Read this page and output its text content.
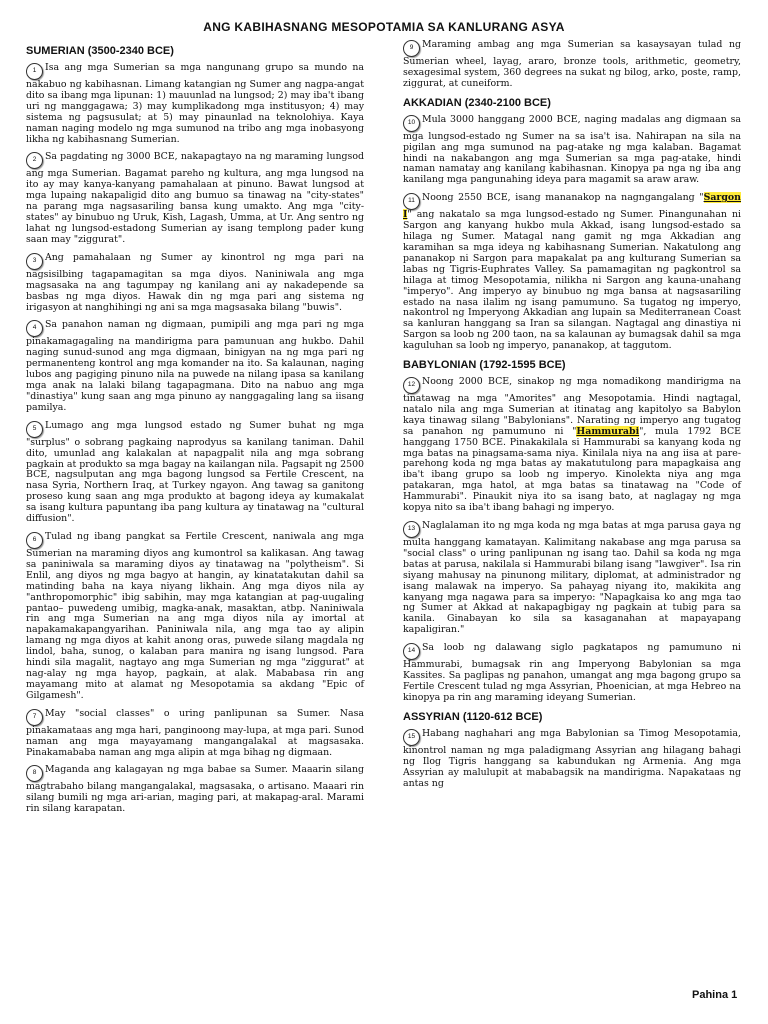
ANG KABIHASNANG MESOPOTAMIA SA KANLURANG ASYA
SUMERIAN (3500-2340 BCE)

1 Isa ang mga Sumerian sa mga nangunang grupo sa mundo na nakabuo ng kabihasnan. Limang katangian ng Sumer ang nagpa-angat dito sa ibang mga lipunan: 1) mauunlad na lungsod; 2) may iba't ibang uri ng manggagawa; 3) may kumplikadong mga institusyon; 4) may sistema ng pagsusulat; at 5) may pinaunlad na teknolohiya. Kaya naman naging modelo ng mga sumunod na tribo ang mga inobasyong likha ng kabihasnang Sumerian.

2 Sa pagdating ng 3000 BCE, nakapagtayo na ng maraming lungsod ang mga Sumerian. Bagamat pareho ng kultura, ang mga lungsod na ito ay may kanya-kanyang pamahalaan at pinuno. Bawat lungsod at mga lupaing nakapaligid dito ang bumuo sa tinawag na "city-states" na parang mga nagsasariling bansa kung umakto. Ang mga "city-states" ay binubuo ng Uruk, Kish, Lagash, Umma, at Ur. Ang sentro ng lahat ng lungsod-estadong Sumerian ay isang templong pader kung saan may "ziggurat".

3 Ang pamahalaan ng Sumer ay kinontrol ng mga pari na nagsisilbing tagapamagitan sa mga diyos. Naniniwala ang mga magsasaka na ang tagumpay ng kanilang ani ay nakadepende sa basbas ng mga diyos. Hawak din ng mga pari ang sistema ng irigasyon at nanghihingi ng ani sa mga magsasaka bilang "buwis".

4 Sa panahon naman ng digmaan, pumipili ang mga pari ng mga pinakamagagaling na mandirigma para pamunuan ang hukbo. Dahil naging sunud-sunod ang mga digmaan, binigyan na ng mga pari ng permanenteng kontrol ang mga komander na ito. Sa kalaunan, naging lubos ang pagiging pinuno nila na puwede na nilang ipasa sa kanilang mga anak na lalaki bilang tagapagmana. Dito na nabuo ang mga "dinastiya" kung saan ang mga pinuno ay nanggagaling lang sa iisang pamilya.

5 Lumago ang mga lungsod estado ng Sumer buhat ng mga "surplus" o sobrang pagkaing naprodyus sa kanilang taniman. Dahil dito, umunlad ang kalakalan at napagpalit nila ang mga sobrang pagkain at produkto sa mga bagay na kailangan nila. Pagsapit ng 2500 BCE, nagsulputan ang mga bagong lungsod sa Fertile Crescent, na nasa Syria, Northern Iraq, at Turkey ngayon. Ang tawag sa ganitong proseso kung saan ang mga produkto at bagong ideya ay kumakalat sa isang kultura papuntang iba pang kultura ay tinatawag na "cultural diffusion".

6 Tulad ng ibang pangkat sa Fertile Crescent, naniwala ang mga Sumerian na maraming diyos ang kumontrol sa kalikasan. Ang tawag sa paniniwala sa maraming diyos ay tinatawag na "polytheism". Si Enlil, ang diyos ng mga bagyo at hangin, ay kinatatakutan dahil sa matinding baha na kaya niyang likhain. Ang mga diyos nila ay "anthropomorphic" ibig sabihin, may mga katangian at pag-uugaling pantao– puwedeng umibig, magka-anak, masaktan, atbp. Naniniwala rin ang mga Sumerian na ang mga diyos nila ay imortal at napakamakapangyarihan. Paniniwala nila, ang mga tao ay alipin lamang ng mga diyos at kahit anong oras, puwede silang magdala ng lindol, baha, sunog, o kalaban para manira ng isang lungsod. Para hindi sila magalit, nagtayo ang mga Sumerian ng mga "ziggurat" at nag-alay ng mga hayop, pagkain, at alak. Mababasa rin ang mayamang mito at alamat ng Mesopotamia sa akdang "Epic of Gilgamesh".

7 May "social classes" o uring panlipunan sa Sumer. Nasa pinakamataas ang mga hari, panginoong may-lupa, at mga pari. Sunod naman ang mga mayayamang mangangalakal at magsasaka. Pinakamababa naman ang mga alipin at mga bihag ng digmaan.

8 Maganda ang kalagayan ng mga babae sa Sumer. Maaarin silang magtrabaho bilang mangangalakal, magsasaka, o artisano. Maaari rin silang bumili ng mga ari-arian, maging pari, at makapag-aral. Marami rin silang karapatan.

9 Maraming ambag ang mga Sumerian sa kasaysayan tulad ng Sumerian wheel, layag, araro, bronze tools, arithmetic, geometry, sexagesimal system, 360 degrees na sukat ng bilog, arko, poste, ramp, ziggurat, at cuneiform.

AKKADIAN (2340-2100 BCE)

10 Mula 3000 hanggang 2000 BCE, naging madalas ang digmaan sa mga lungsod-estado ng Sumer na sa isa't isa. Nahirapan na sila na pigilan ang mga sumunod na pag-atake ng mga kalaban. Bagamat hindi na nakabangon ang mga Sumerian sa mga pag-atake, hindi naman namatay ang kanilang kabihasnan. Kinopya pa nga ng iba ang kanilang mga pangunahing ideya para magamit sa araw araw.

11 Noong 2550 BCE, isang mananakop na nagngangalang "Sargon I" ang nakatalo sa mga lungsod-estado ng Sumer. Pinangunahan ni Sargon ang kanyang hukbo mula Akkad, isang lungsod-estado sa hilaga ng Sumer. Matagal nang gamit ng mga Akkadian ang karamihan sa mga ideya ng kabihasnang Sumerian. Nakatulong ang pananakop ni Sargon para mapakalat pa ang kulturang Sumerian sa labas ng Tigris-Euphrates Valley. Sa pamamagitan ng pagkontrol sa hilaga at timog Mesopotamia, nilikha ni Sargon ang kauna-unahang "imperyo". Ang imperyo ay binubuo ng mga bansa at nagsasariling estado na nasa ilalim ng isang pamumuno. Sa tugatog ng imperyo, nakontrol ng Imperyong Akkadian ang lupain sa Mediterranean Coast sa kanluran hanggang sa Iran sa silangan. Nagtagal ang dinastiya ni Sargon sa loob ng 200 taon, na sa kalaunan ay bumagsak dahil sa mga kaguluhan sa loob ng imperyo, pananakop, at taggutom.

BABYLONIAN (1792-1595 BCE)

12 Noong 2000 BCE, sinakop ng mga nomadikong mandirigma na tinatawag na mga "Amorites" ang Mesopotamia. Hindi nagtagal, natalo nila ang mga Sumerian at itinatag ang kapitolyo sa Babylon kaya tinawag silang "Babylonians". Narating ng imperyo ang tugatog sa panahon ng pamumuno ni "Hammurabi", mula 1792 BCE hanggang 1750 BCE. Pinakakilala si Hammurabi sa kanyang koda ng mga batas na pinagsama-sama niya. Kinilala niya na ang iisa at pare-parehong koda ng mga batas ay makatutulong para mapagkaisa ang iba't ibang grupo sa loob ng imperyo. Kinolekta niya ang mga patakaran, mga hatol, at mga batas sa tinatawag na "Code of Hammurabi". Pinaukit niya ito sa isang bato, at naglagay ng mga kopya nito sa iba't ibang bahagi ng imperyo.

13 Naglalaman ito ng mga koda ng mga batas at mga parusa gaya ng multa hanggang kamatayan. Kalimitang nakabase ang mga parusa sa "social class" o uring panlipunan ng isang tao. Dahil sa koda ng mga batas at parusa, nakilala si Hammurabi bilang isang "lawgiver". Isa rin siyang mahusay na pinunong military, diplomat, at administrador ng isang malawak na imperyo. Sa pahayag niyang ito, makikita ang kanyang mga nagawa para sa imperyo: "Napagkaisa ko ang mga tao ng Sumer at Akkad at nakapagbigay ng pagkain at tubig para sa kanila. Ginabayan ko sila sa kasaganahan at mapayapang kapaligiran."

14 Sa loob ng dalawang siglo pagkatapos ng pamumuno ni Hammurabi, bumagsak rin ang Imperyong Babylonian sa mga Kassites. Sa paglipas ng panahon, umangat ang mga bagong grupo sa Fertile Crescent tulad ng mga Assyrian, Phoenician, at mga Hebreo na kinopya pa rin ang maraming ideyang Sumerian.

ASSYRIAN (1120-612 BCE)

15 Habang naghahari ang mga Babylonian sa Timog Mesopotamia, kinontrol naman ng mga paladigmang Assyrian ang hilagang bahagi ng Ilog Tigris hanggang sa kabundukan ng Armenia. Ang mga Assyrian ay malulupit at mababagsik na mandirigma. Napakataas ng antas ng

Pahina 1
